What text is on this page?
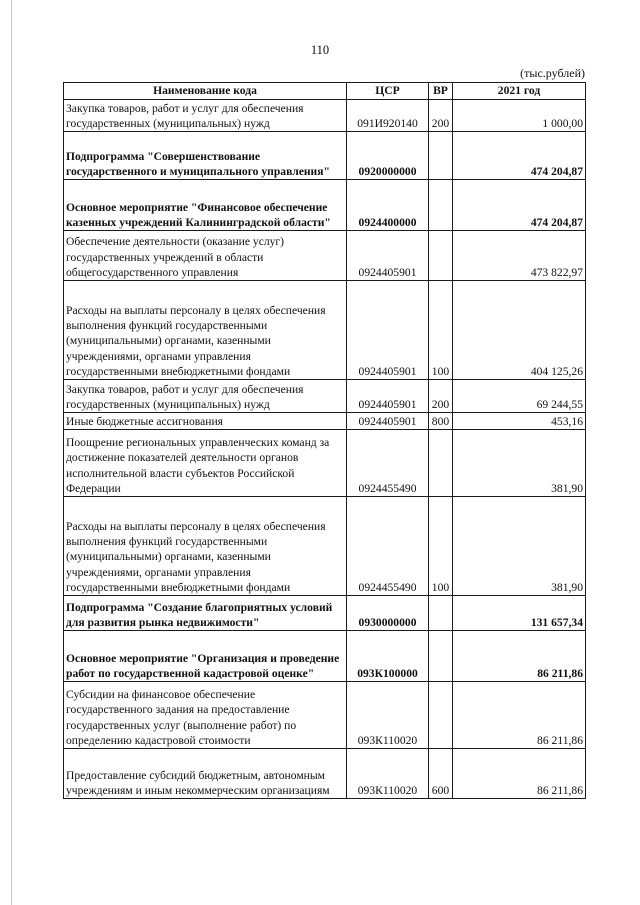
110
(тыс.рублей)
Наименование кода	ЦСР	ВР	2021 год
Закупка товаров, работ и услуг для обеспечения государственных (муниципальных) нужд	091И920140	200	1 000,00
Подпрограмма "Совершенствование государственного и муниципального управления"	0920000000		474 204,87
Основное мероприятие "Финансовое обеспечение казенных учреждений Калининградской области"	0924400000		474 204,87
Обеспечение деятельности (оказание услуг) государственных учреждений в области общегосударственного управления	0924405901		473 822,97
Расходы на выплаты персоналу в целях обеспечения выполнения функций государственными (муниципальными) органами, казенными учреждениями, органами управления государственными внебюджетными фондами	0924405901	100	404 125,26
Закупка товаров, работ и услуг для обеспечения государственных (муниципальных) нужд	0924405901	200	69 244,55
Иные бюджетные ассигнования	0924405901	800	453,16
Поощрение региональных управленческих команд за достижение показателей деятельности органов исполнительной власти субъектов Российской Федерации	0924455490		381,90
Расходы на выплаты персоналу в целях обеспечения выполнения функций государственными (муниципальными) органами, казенными учреждениями, органами управления государственными внебюджетными фондами	0924455490	100	381,90
Подпрограмма "Создание благоприятных условий для развития рынка недвижимости"	0930000000		131 657,34
Основное мероприятие "Организация и проведение работ по государственной кадастровой оценке"	093К100000		86 211,86
Субсидии на финансовое обеспечение государственного задания на предоставление государственных услуг (выполнение работ) по определению кадастровой стоимости	093К110020		86 211,86
Предоставление субсидий бюджетным, автономным учреждениям и иным некоммерческим организациям	093К110020	600	86 211,86
